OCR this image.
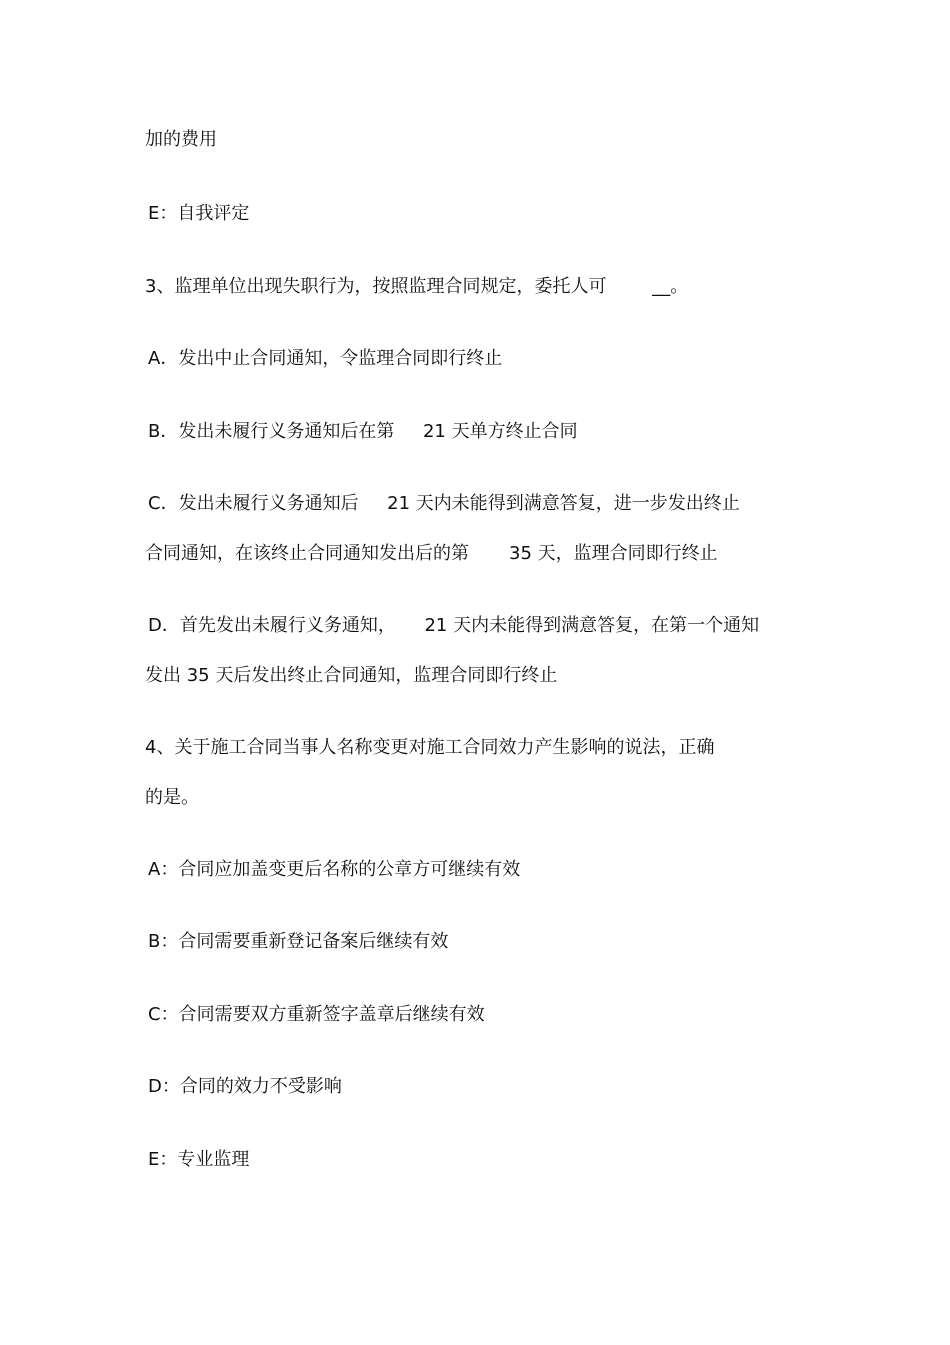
加的费用
E：自我评定
3、监理单位出现失职行为，按照监理合同规定，委托人可        __。
A．发出中止合同通知，令监理合同即行终止
B．发出未履行义务通知后在第     21 天单方终止合同
C．发出未履行义务通知后     21 天内未能得到满意答复，进一步发出终止
合同通知，在该终止合同通知发出后的第       35 天，监理合同即行终止
D．首先发出未履行义务通知，     21 天内未能得到满意答复，在第一个通知
发出 35 天后发出终止合同通知，监理合同即行终止
4、关于施工合同当事人名称变更对施工合同效力产生影响的说法，正确
的是。
A：合同应加盖变更后名称的公章方可继续有效
B：合同需要重新登记备案后继续有效
C：合同需要双方重新签字盖章后继续有效
D：合同的效力不受影响
E：专业监理
